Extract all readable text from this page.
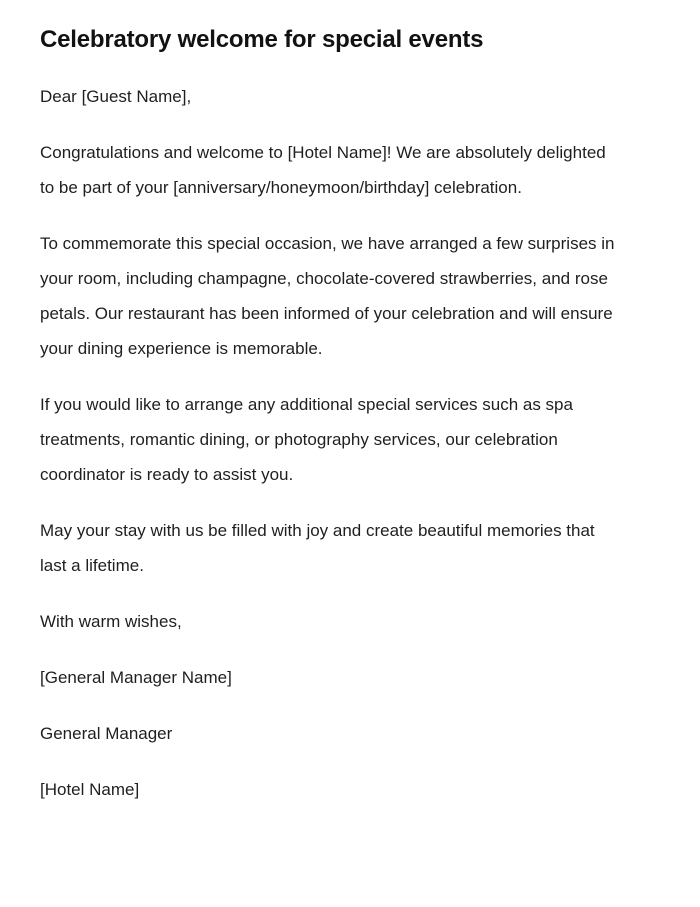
Celebratory welcome for special events

Dear [Guest Name],

Congratulations and welcome to [Hotel Name]! We are absolutely delighted to be part of your [anniversary/honeymoon/birthday] celebration.

To commemorate this special occasion, we have arranged a few surprises in your room, including champagne, chocolate-covered strawberries, and rose petals. Our restaurant has been informed of your celebration and will ensure your dining experience is memorable.

If you would like to arrange any additional special services such as spa treatments, romantic dining, or photography services, our celebration coordinator is ready to assist you.

May your stay with us be filled with joy and create beautiful memories that last a lifetime.

With warm wishes,

[General Manager Name]

General Manager

[Hotel Name]
